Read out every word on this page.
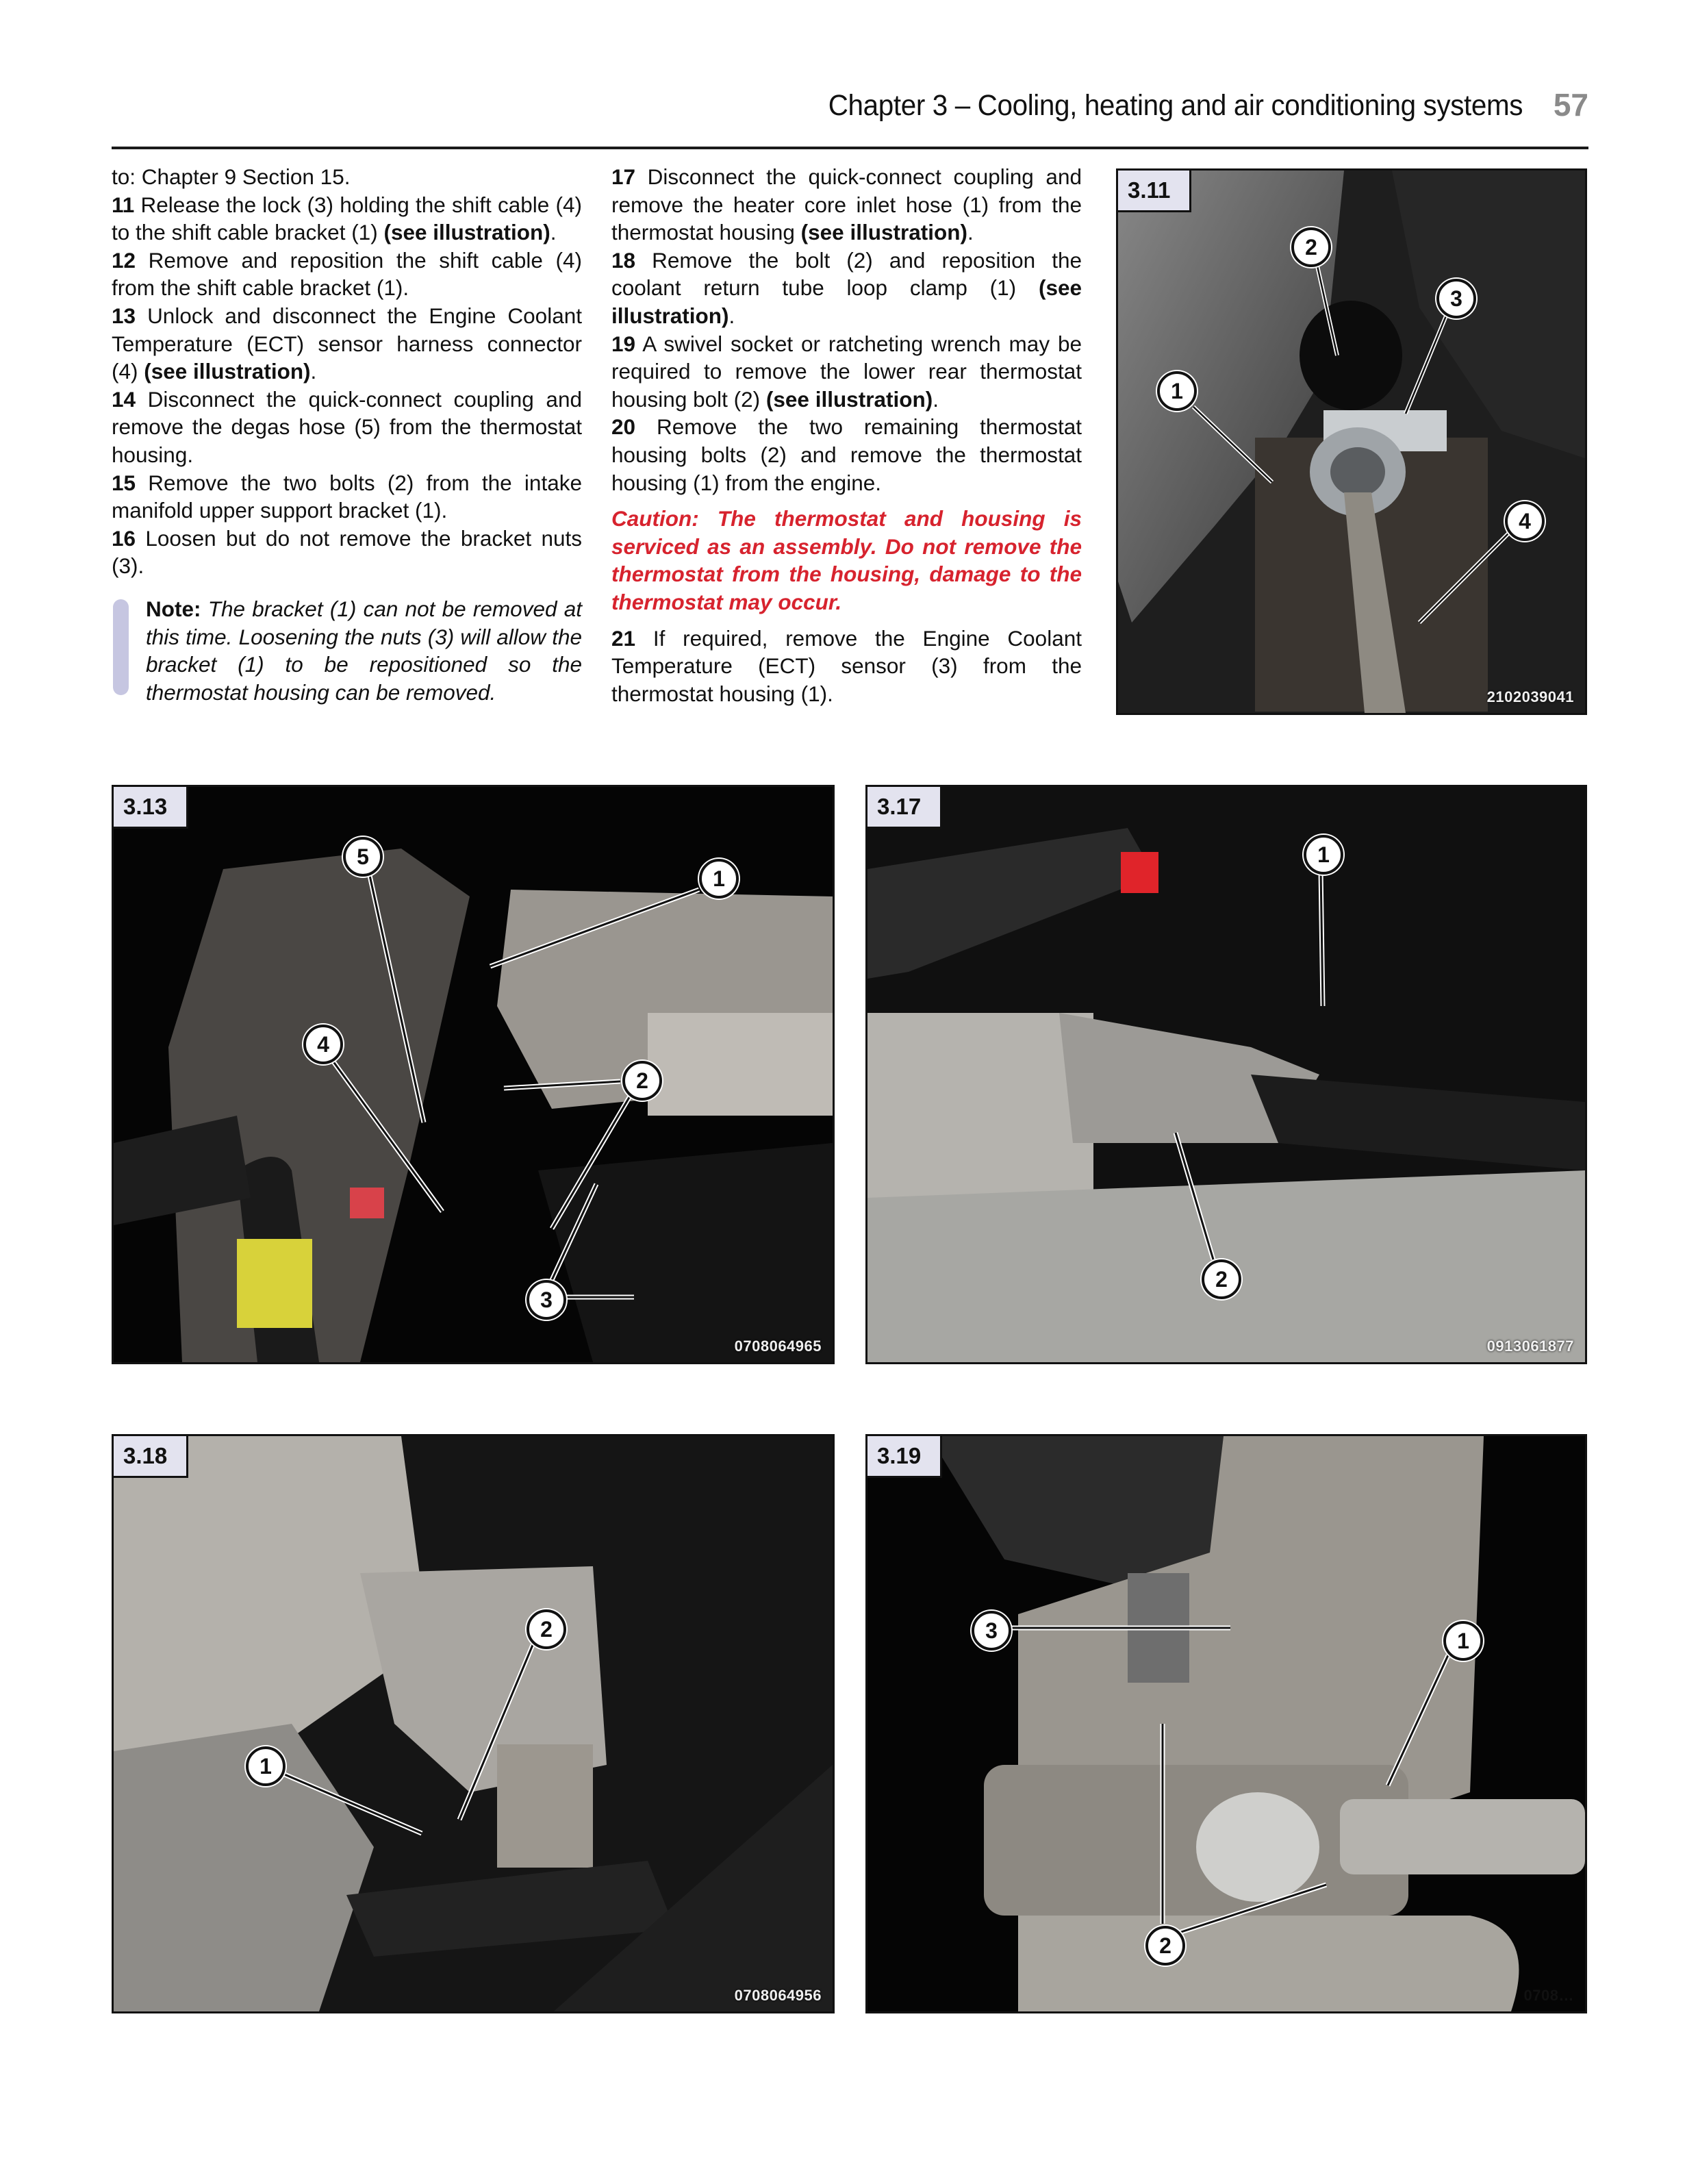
Chapter 3 – Cooling, heating and air conditioning systems 57

to: Chapter 9 Section 15.

11 Release the lock (3) holding the shift cable (4) to the shift cable bracket (1) (see illustration).

12 Remove and reposition the shift cable (4) from the shift cable bracket (1).

13 Unlock and disconnect the Engine Coolant Temperature (ECT) sensor harness connector (4) (see illustration).

14 Disconnect the quick-connect coupling and remove the degas hose (5) from the thermostat housing.

15 Remove the two bolts (2) from the intake manifold upper support bracket (1).

16 Loosen but do not remove the bracket nuts (3).

Note: The bracket (1) can not be removed at this time. Loosening the nuts (3) will allow the bracket (1) to be repositioned so the thermostat housing can be removed.

17 Disconnect the quick-connect coupling and remove the heater core inlet hose (1) from the thermostat housing (see illustration).

18 Remove the bolt (2) and reposition the coolant return tube loop clamp (1) (see illustration).

19 A swivel socket or ratcheting wrench may be required to remove the lower rear thermostat housing bolt (2) (see illustration).

20 Remove the two remaining thermostat housing bolts (2) and remove the thermostat housing (1) from the engine.

Caution: The thermostat and housing is serviced as an assembly. Do not remove the thermostat from the housing, damage to the thermostat may occur.

21 If required, remove the Engine Coolant Temperature (ECT) sensor (3) from the thermostat housing (1).

3.11
1
2
3
4
2102039041
3.13
5
1
4
2
3
0708064965
3.17
1
2
0913061877
3.18
2
1
0708064956
3.19
3	1
2
0708…
